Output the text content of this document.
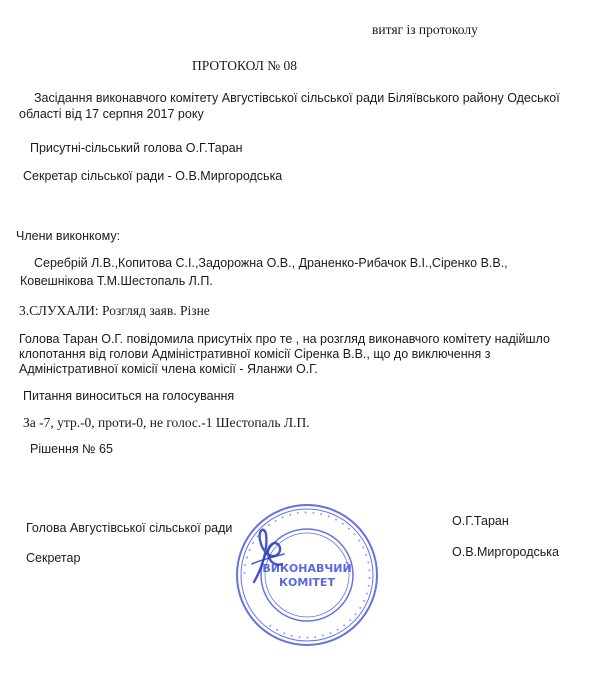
витяг із протоколу
ПРОТОКОЛ № 08
Засідання виконавчого комітету Августівської сільської ради Біляївського району Одеської
області від 17 серпня 2017 року
Присутні-сільський голова О.Г.Таран
Секретар сільської ради - О.В.Миргородська
Члени виконкому:
Серебрій Л.В.,Копитова С.І.,Задорожна О.В., Драненко-Рибачок В.І.,Сіренко В.В.,
Ковешнікова Т.М.Шестопаль Л.П.
3.СЛУХАЛИ: Розгляд заяв. Різне
Голова Таран О.Г. повідомила присутніх про те , на розгляд виконавчого комітету надійшло
клопотання від голови Адміністративної комісії Сіренка В.В., що до виключення з
Адміністративної комісії члена комісії - Яланжи О.Г.
Питання виноситься на голосування
За -7, утр.-0, проти-0, не голос.-1 Шестопаль Л.П.
Рішення № 65
Голова Августівської сільської ради	О.Г.Таран
Секретар	О.В.Миргородська
• • • • • • • • • • • • • • • • • • • • • • • • • • • • • • • • • • • • • • • • • • •
ВИКОНАВЧИЙ
КОМІТЕТ
